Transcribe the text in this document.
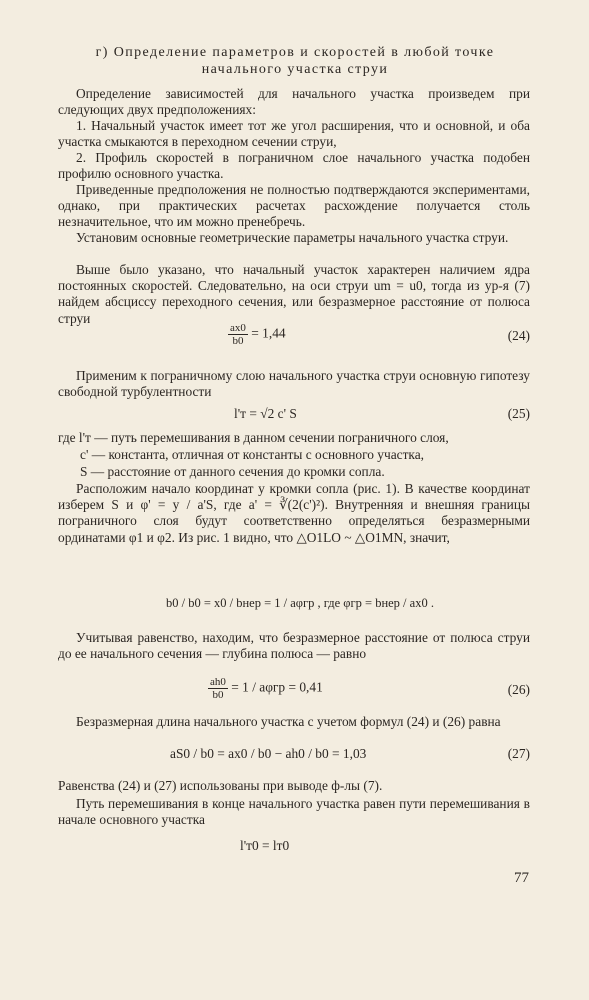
г) Определение параметров и скоростей в любой точке
начального участка струи

Определение зависимостей для начального участка произведем при следующих двух предположениях:

1. Начальный участок имеет тот же угол расширения, что и основной, и оба участка смыкаются в переходном сечении струи,

2. Профиль скоростей в пограничном слое начального участка подобен профилю основного участка.

Приведенные предположения не полностью подтверждаются экспериментами, однако, при практических расчетах расхождение получается столь незначительное, что им можно пренебречь.

Установим основные геометрические параметры начального участка струи.

Выше было указано, что начальный участок характерен наличием ядра постоянных скоростей. Следовательно, на оси струи um = u0, тогда из ур-я (7) найдем абсциссу переходного сечения, или безразмерное расстояние от полюса струи

$\frac{ax0}{b0} = 1,44$	(24)

Применим к пограничному слою начального участка струи основную гипотезу свободной турбулентности

l'т = √2 c' S	(25)

где l'т — путь перемешивания в данном сечении пограничного слоя,

c' — константа, отличная от константы с основного участка,

S — расстояние от данного сечения до кромки сопла.

Расположим начало координат у кромки сопла (рис. 1). В качестве координат изберем S и φ' = y / a'S, где a' = ∛(2(c')²). Внутренняя и внешняя границы пограничного слоя будут соответственно определяться безразмерными ординатами φ1 и φ2. Из рис. 1 видно, что △O1LO ~ △O1MN, значит,

b0 / b0 = x0 / bнер = 1 / aφгр , где φгр = bнер / ax0 .

Учитывая равенство, находим, что безразмерное расстояние от полюса струи до ее начального сечения — глубина полюса — равно

$\frac{ah0}{b0} = 1 / a\varphi гр = 0,41$	(26)

Безразмерная длина начального участка с учетом формул (24) и (26) равна

aS0 / b0 = ax0 / b0 − ah0 / b0 = 1,03	(27)

Равенства (24) и (27) использованы при выводе ф-лы (7).

Путь перемешивания в конце начального участка равен пути перемешивания в начале основного участка

l'т0 = lт0
77
